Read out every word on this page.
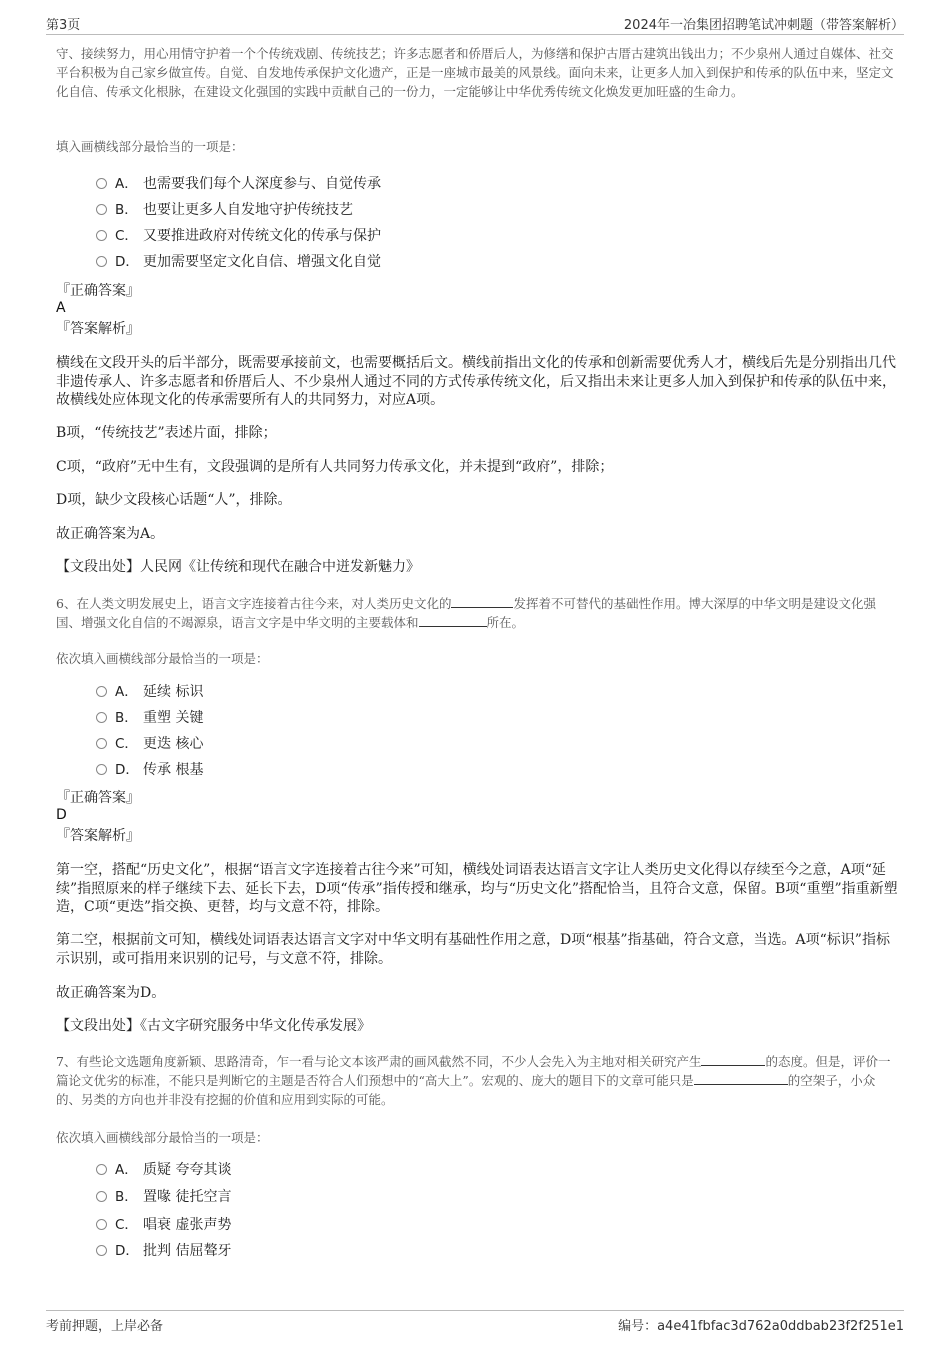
第3页	2024年一冶集团招聘笔试冲刺题（带答案解析）
守、接续努力，用心用情守护着一个个传统戏剧、传统技艺；许多志愿者和侨厝后人，为修缮和保护古厝古建筑出钱出力；不少泉州人通过自媒体、社交平台积极为自己家乡做宣传。自觉、自发地传承保护文化遗产，正是一座城市最美的风景线。面向未来，让更多人加入到保护和传承的队伍中来，坚定文化自信、传承文化根脉，在建设文化强国的实践中贡献自己的一份力，一定能够让中华优秀传统文化焕发更加旺盛的生命力。
填入画横线部分最恰当的一项是：
A． 也需要我们每个人深度参与、自觉传承
B． 也要让更多人自发地守护传统技艺
C． 又要推进政府对传统文化的传承与保护
D． 更加需要坚定文化自信、增强文化自觉
『正确答案』
A
『答案解析』
横线在文段开头的后半部分，既需要承接前文，也需要概括后文。横线前指出文化的传承和创新需要优秀人才，横线后先是分别指出几代非遗传承人、许多志愿者和侨厝后人、不少泉州人通过不同的方式传承传统文化，后又指出未来让更多人加入到保护和传承的队伍中来，故横线处应体现文化的传承需要所有人的共同努力，对应A项。
B项，“传统技艺”表述片面，排除；
C项，“政府”无中生有，文段强调的是所有人共同努力传承文化，并未提到“政府”，排除；
D项，缺少文段核心话题“人”，排除。
故正确答案为A。
【文段出处】人民网《让传统和现代在融合中迸发新魅力》
6、在人类文明发展史上，语言文字连接着古往今来，对人类历史文化的	发挥着不可替代的基础性作用。博大深厚的中华文明是建设文化强国、增强文化自信的不竭源泉，语言文字是中华文明的主要载体和	所在。
依次填入画横线部分最恰当的一项是：
A． 延续 标识
B． 重塑 关键
C． 更迭 核心
D． 传承 根基
『正确答案』
D
『答案解析』
第一空，搭配“历史文化”，根据“语言文字连接着古往今来”可知，横线处词语表达语言文字让人类历史文化得以存续至今之意，A项“延续”指照原来的样子继续下去、延长下去，D项“传承”指传授和继承，均与“历史文化”搭配恰当，且符合文意，保留。B项“重塑”指重新塑造，C项“更迭”指交换、更替，均与文意不符，排除。
第二空，根据前文可知，横线处词语表达语言文字对中华文明有基础性作用之意，D项“根基”指基础，符合文意，当选。A项“标识”指标示识别，或可指用来识别的记号，与文意不符，排除。
故正确答案为D。
【文段出处】《古文字研究服务中华文化传承发展》
7、有些论文选题角度新颖、思路清奇，乍一看与论文本该严肃的画风截然不同，不少人会先入为主地对相关研究产生	的态度。但是，评价一篇论文优劣的标准，不能只是判断它的主题是否符合人们预想中的“高大上”。宏观的、庞大的题目下的文章可能只是	的空架子，小众的、另类的方向也并非没有挖掘的价值和应用到实际的可能。
依次填入画横线部分最恰当的一项是：
A． 质疑 夸夸其谈
B． 置喙 徒托空言
C． 唱衰 虚张声势
D． 批判 佶屈聱牙
考前押题，上岸必备	编号：a4e41fbfac3d762a0ddbab23f2f251e1
